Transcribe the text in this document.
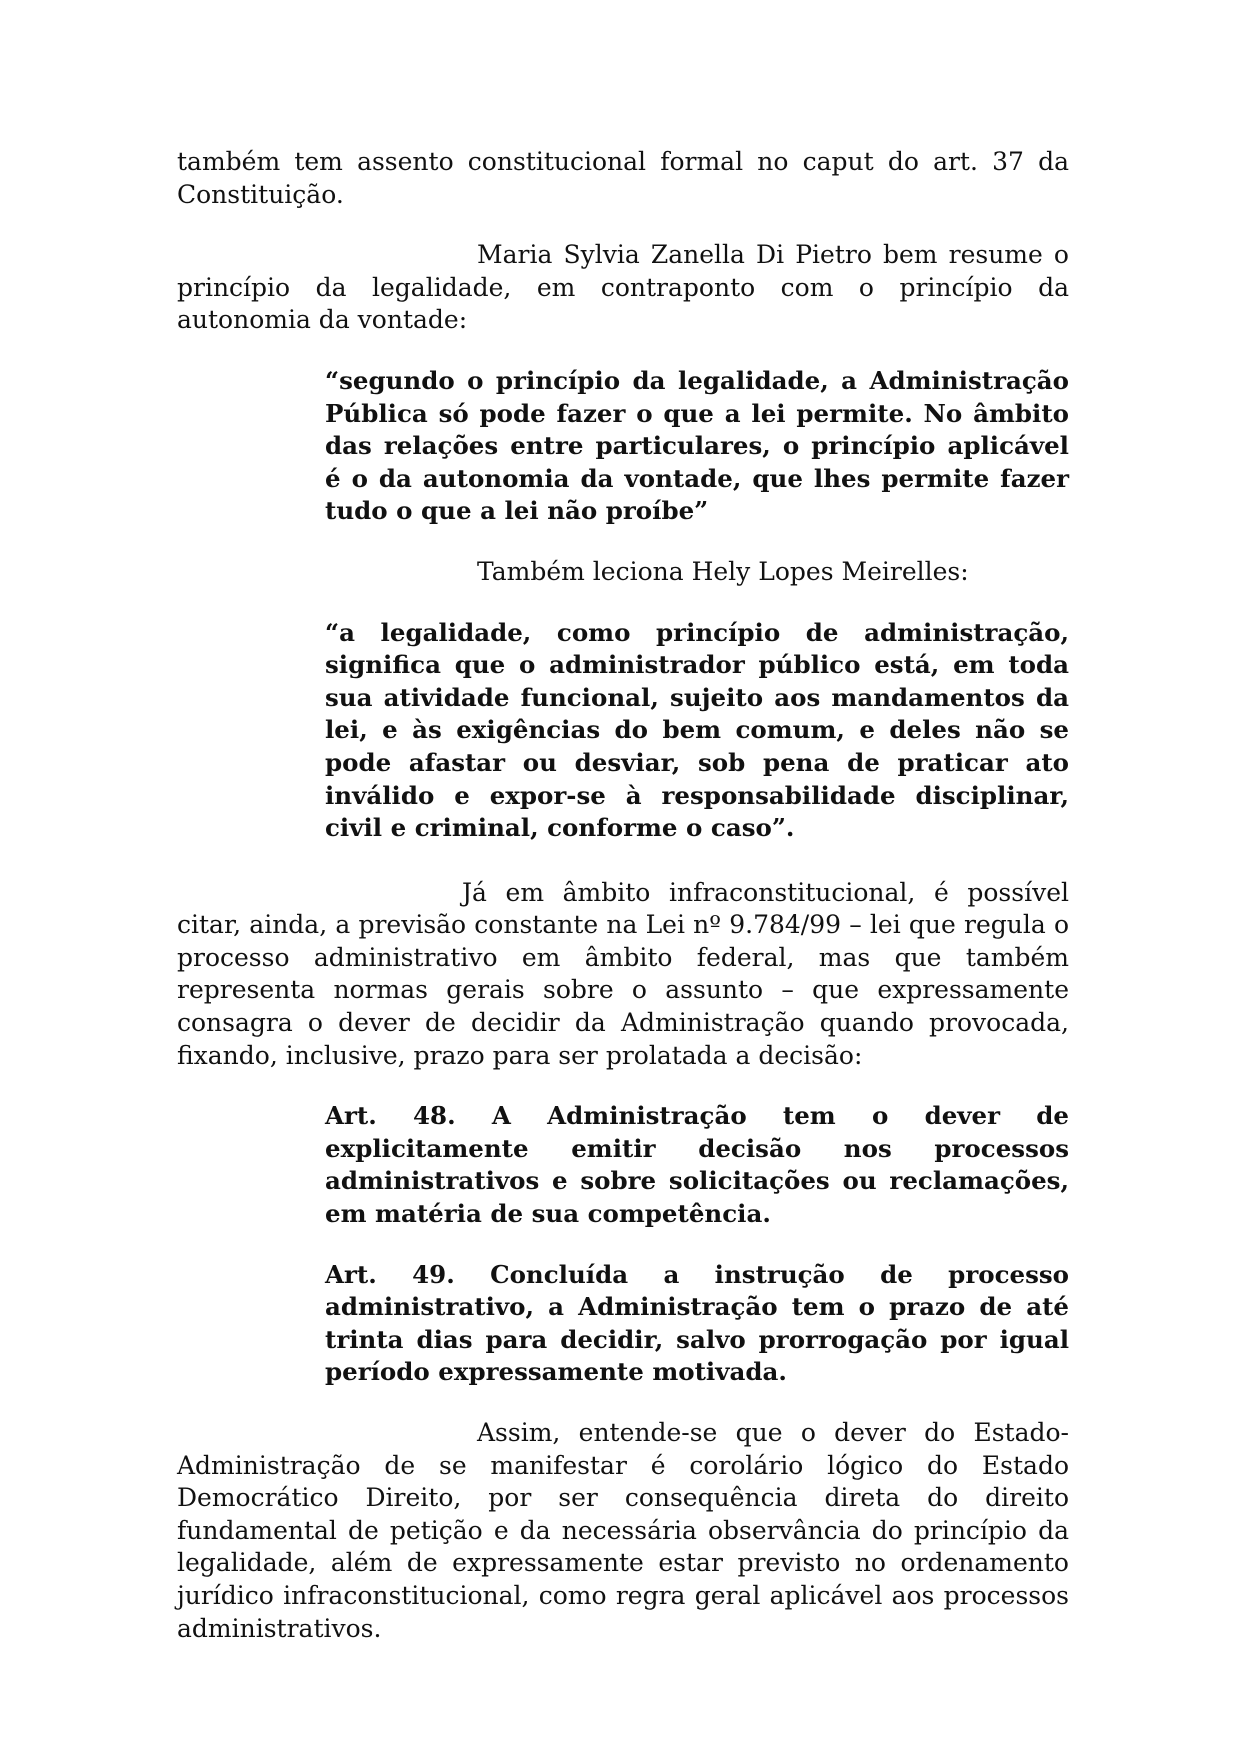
também tem assento constitucional formal no caput do art. 37 da Constituição.

Maria Sylvia Zanella Di Pietro bem resume o princípio da legalidade, em contraponto com o princípio da autonomia da vontade:

“segundo o princípio da legalidade, a Administração Pública só pode fazer o que a lei permite. No âmbito das relações entre particulares, o princípio aplicável é o da autonomia da vontade, que lhes permite fazer tudo o que a lei não proíbe”
Também leciona Hely Lopes Meirelles:
“a legalidade, como princípio de administração, significa que o administrador público está, em toda sua atividade funcional, sujeito aos mandamentos da lei, e às exigências do bem comum, e deles não se pode afastar ou desviar, sob pena de praticar ato inválido e expor-se à responsabilidade disciplinar, civil e criminal, conforme o caso”.

Já em âmbito infraconstitucional, é possível citar, ainda, a previsão constante na Lei nº 9.784/99 – lei que regula o processo administrativo em âmbito federal, mas que também representa normas gerais sobre o assunto – que expressamente consagra o dever de decidir da Administração quando provocada, fixando, inclusive, prazo para ser prolatada a decisão:

Art. 48. A Administração tem o dever de explicitamente emitir decisão nos processos administrativos e sobre solicitações ou reclamações, em matéria de sua competência.
Art. 49. Concluída a instrução de processo administrativo, a Administração tem o prazo de até trinta dias para decidir, salvo prorrogação por igual período expressamente motivada.

Assim, entende-se que o dever do Estado-Administração de se manifestar é corolário lógico do Estado Democrático Direito, por ser consequência direta do direito fundamental de petição e da necessária observância do princípio da legalidade, além de expressamente estar previsto no ordenamento jurídico infraconstitucional, como regra geral aplicável aos processos administrativos.
